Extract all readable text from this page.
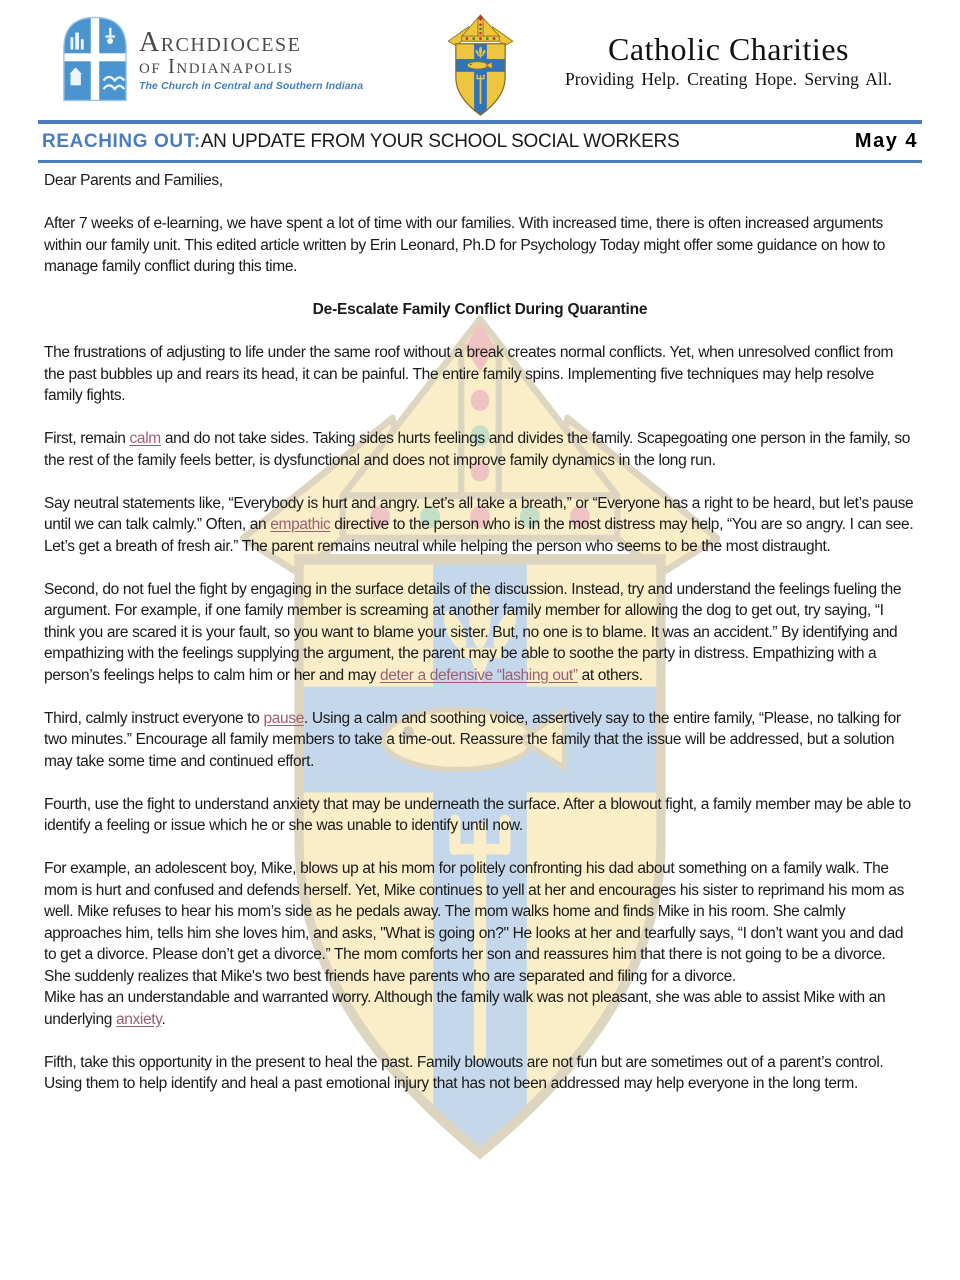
Archdiocese
of Indianapolis
The Church in Central and Southern Indiana
Catholic Charities
Providing Help. Creating Hope. Serving All.
REACHING OUT: AN UPDATE FROM YOUR SCHOOL SOCIAL WORKERS	May 4

Dear Parents and Families,

After 7 weeks of e-learning, we have spent a lot of time with our families. With increased time, there is often increased arguments within our family unit. This edited article written by Erin Leonard, Ph.D for Psychology Today might offer some guidance on how to manage family conflict during this time.

De-Escalate Family Conflict During Quarantine

The frustrations of adjusting to life under the same roof without a break creates normal conflicts. Yet, when unresolved conflict from the past bubbles up and rears its head, it can be painful. The entire family spins. Implementing five techniques may help resolve family fights.

First, remain calm and do not take sides. Taking sides hurts feelings and divides the family. Scapegoating one person in the family, so the rest of the family feels better, is dysfunctional and does not improve family dynamics in the long run.

Say neutral statements like, “Everybody is hurt and angry. Let’s all take a breath,” or “Everyone has a right to be heard, but let’s pause until we can talk calmly.” Often, an empathic directive to the person who is in the most distress may help, “You are so angry. I can see. Let’s get a breath of fresh air.” The parent remains neutral while helping the person who seems to be the most distraught.

Second, do not fuel the fight by engaging in the surface details of the discussion. Instead, try and understand the feelings fueling the argument. For example, if one family member is screaming at another family member for allowing the dog to get out, try saying, “I think you are scared it is your fault, so you want to blame your sister. But, no one is to blame. It was an accident.” By identifying and empathizing with the feelings supplying the argument, the parent may be able to soothe the party in distress. Empathizing with a person’s feelings helps to calm him or her and may deter a defensive “lashing out” at others.

Third, calmly instruct everyone to pause. Using a calm and soothing voice, assertively say to the entire family, “Please, no talking for two minutes.” Encourage all family members to take a time-out. Reassure the family that the issue will be addressed, but a solution may take some time and continued effort.

Fourth, use the fight to understand anxiety that may be underneath the surface. After a blowout fight, a family member may be able to identify a feeling or issue which he or she was unable to identify until now.

For example, an adolescent boy, Mike, blows up at his mom for politely confronting his dad about something on a family walk. The mom is hurt and confused and defends herself. Yet, Mike continues to yell at her and encourages his sister to reprimand his mom as well. Mike refuses to hear his mom’s side as he pedals away. The mom walks home and finds Mike in his room. She calmly approaches him, tells him she loves him, and asks, "What is going on?" He looks at her and tearfully says, “I don’t want you and dad to get a divorce. Please don’t get a divorce.” The mom comforts her son and reassures him that there is not going to be a divorce. She suddenly realizes that Mike's two best friends have parents who are separated and filing for a divorce.
Mike has an understandable and warranted worry. Although the family walk was not pleasant, she was able to assist Mike with an underlying anxiety.

Fifth, take this opportunity in the present to heal the past. Family blowouts are not fun but are sometimes out of a parent’s control. Using them to help identify and heal a past emotional injury that has not been addressed may help everyone in the long term.
